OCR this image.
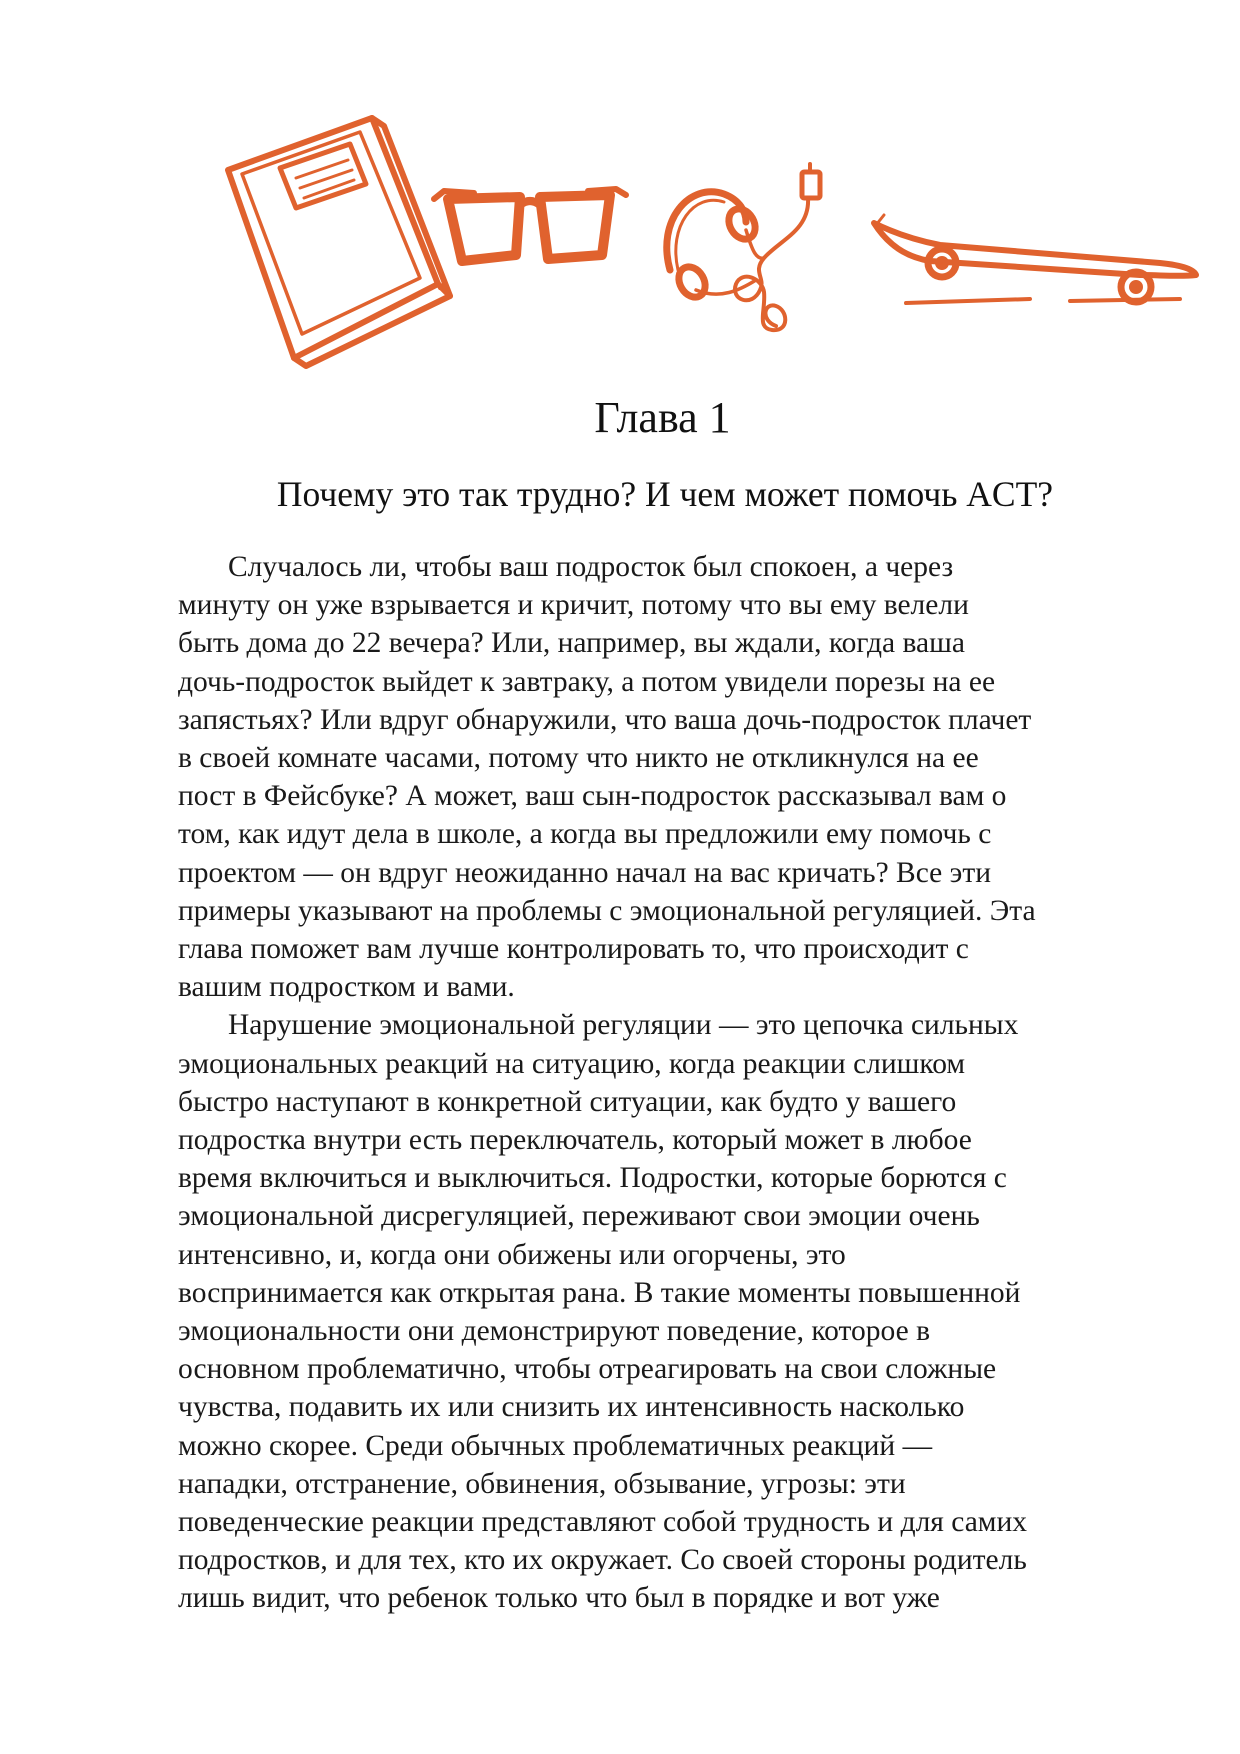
Глава 1
Почему это так трудно? И чем может помочь ACT?
Случалось ли, чтобы ваш подросток был спокоен, а через
минуту он уже взрывается и кричит, потому что вы ему велели
быть дома до 22 вечера? Или, например, вы ждали, когда ваша
дочь-подросток выйдет к завтраку, а потом увидели порезы на ее
запястьях? Или вдруг обнаружили, что ваша дочь-подросток плачет
в своей комнате часами, потому что никто не откликнулся на ее
пост в Фейсбуке? А может, ваш сын-подросток рассказывал вам о
том, как идут дела в школе, а когда вы предложили ему помочь с
проектом — он вдруг неожиданно начал на вас кричать? Все эти
примеры указывают на проблемы с эмоциональной регуляцией. Эта
глава поможет вам лучше контролировать то, что происходит с
вашим подростком и вами.
Нарушение эмоциональной регуляции — это цепочка сильных
эмоциональных реакций на ситуацию, когда реакции слишком
быстро наступают в конкретной ситуации, как будто у вашего
подростка внутри есть переключатель, который может в любое
время включиться и выключиться. Подростки, которые борются с
эмоциональной дисрегуляцией, переживают свои эмоции очень
интенсивно, и, когда они обижены или огорчены, это
воспринимается как открытая рана. В такие моменты повышенной
эмоциональности они демонстрируют поведение, которое в
основном проблематично, чтобы отреагировать на свои сложные
чувства, подавить их или снизить их интенсивность насколько
можно скорее. Среди обычных проблематичных реакций —
нападки, отстранение, обвинения, обзывание, угрозы: эти
поведенческие реакции представляют собой трудность и для самих
подростков, и для тех, кто их окружает. Со своей стороны родитель
лишь видит, что ребенок только что был в порядке и вот уже
